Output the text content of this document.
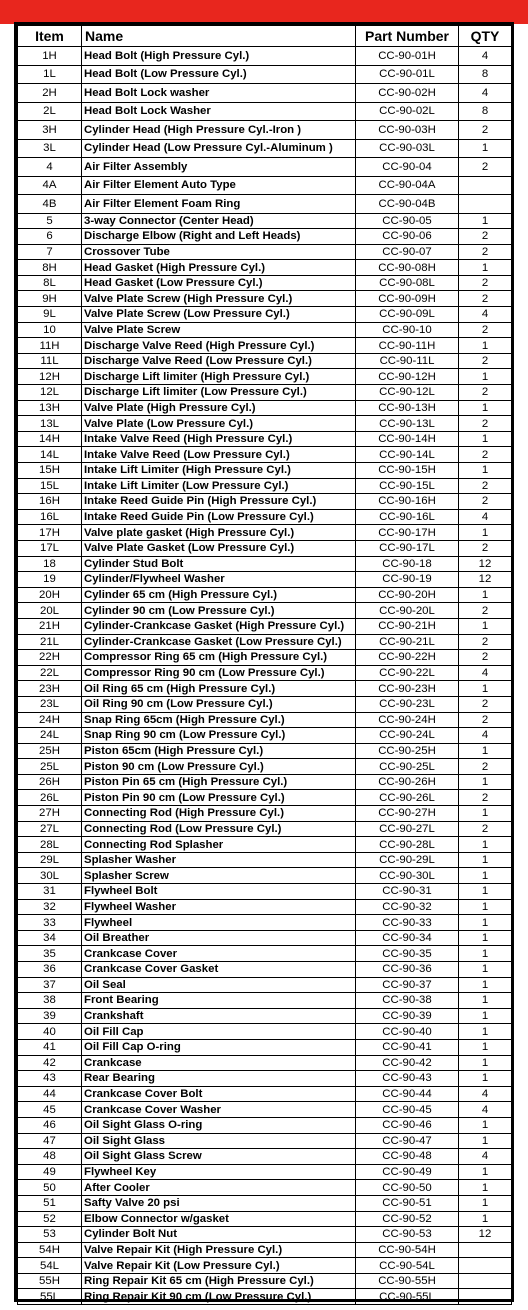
Item	Name	Part Number	QTY
1H	Head Bolt (High Pressure Cyl.)	CC-90-01H	4
1L	Head Bolt (Low Pressure Cyl.)	CC-90-01L	8
2H	Head Bolt Lock washer	CC-90-02H	4
2L	Head Bolt Lock Washer	CC-90-02L	8
3H	Cylinder Head (High Pressure Cyl.-Iron )	CC-90-03H	2
3L	Cylinder Head (Low Pressure Cyl.-Aluminum )	CC-90-03L	1
4	Air Filter Assembly	CC-90-04	2
4A	Air Filter Element Auto Type	CC-90-04A	
4B	Air Filter Element Foam Ring	CC-90-04B	
5	3-way Connector (Center Head)	CC-90-05	1
6	Discharge Elbow (Right and Left Heads)	CC-90-06	2
7	Crossover Tube	CC-90-07	2
8H	Head Gasket (High Pressure Cyl.)	CC-90-08H	1
8L	Head Gasket (Low Pressure Cyl.)	CC-90-08L	2
9H	Valve Plate Screw (High Pressure Cyl.)	CC-90-09H	2
9L	Valve Plate Screw (Low Pressure Cyl.)	CC-90-09L	4
10	Valve Plate Screw	CC-90-10	2
11H	Discharge Valve Reed (High Pressure Cyl.)	CC-90-11H	1
11L	Discharge Valve Reed (Low Pressure Cyl.)	CC-90-11L	2
12H	Discharge Lift limiter (High Pressure Cyl.)	CC-90-12H	1
12L	Discharge Lift limiter (Low Pressure Cyl.)	CC-90-12L	2
13H	Valve Plate (High Pressure Cyl.)	CC-90-13H	1
13L	Valve Plate (Low Pressure Cyl.)	CC-90-13L	2
14H	Intake Valve Reed (High Pressure Cyl.)	CC-90-14H	1
14L	Intake Valve Reed (Low Pressure Cyl.)	CC-90-14L	2
15H	Intake Lift Limiter (High Pressure Cyl.)	CC-90-15H	1
15L	Intake Lift Limiter (Low Pressure Cyl.)	CC-90-15L	2
16H	Intake Reed Guide Pin (High Pressure Cyl.)	CC-90-16H	2
16L	Intake Reed Guide Pin (Low Pressure Cyl.)	CC-90-16L	4
17H	Valve plate gasket (High Pressure Cyl.)	CC-90-17H	1
17L	Valve Plate Gasket (Low Pressure Cyl.)	CC-90-17L	2
18	Cylinder Stud Bolt	CC-90-18	12
19	Cylinder/Flywheel Washer	CC-90-19	12
20H	Cylinder 65 cm (High Pressure Cyl.)	CC-90-20H	1
20L	Cylinder 90 cm (Low Pressure Cyl.)	CC-90-20L	2
21H	Cylinder-Crankcase Gasket (High Pressure Cyl.)	CC-90-21H	1
21L	Cylinder-Crankcase Gasket (Low Pressure Cyl.)	CC-90-21L	2
22H	Compressor Ring 65 cm (High Pressure Cyl.)	CC-90-22H	2
22L	Compressor Ring 90 cm (Low Pressure Cyl.)	CC-90-22L	4
23H	Oil Ring 65 cm (High Pressure Cyl.)	CC-90-23H	1
23L	Oil Ring 90 cm (Low Pressure Cyl.)	CC-90-23L	2
24H	Snap Ring 65cm (High Pressure Cyl.)	CC-90-24H	2
24L	Snap Ring 90 cm (Low Pressure Cyl.)	CC-90-24L	4
25H	Piston 65cm (High Pressure Cyl.)	CC-90-25H	1
25L	Piston 90 cm (Low Pressure Cyl.)	CC-90-25L	2
26H	Piston Pin 65 cm (High Pressure Cyl.)	CC-90-26H	1
26L	Piston Pin 90 cm (Low Pressure Cyl.)	CC-90-26L	2
27H	Connecting Rod (High Pressure Cyl.)	CC-90-27H	1
27L	Connecting Rod (Low Pressure Cyl.)	CC-90-27L	2
28L	Connecting Rod Splasher	CC-90-28L	1
29L	Splasher Washer	CC-90-29L	1
30L	Splasher Screw	CC-90-30L	1
31	Flywheel Bolt	CC-90-31	1
32	Flywheel Washer	CC-90-32	1
33	Flywheel	CC-90-33	1
34	Oil Breather	CC-90-34	1
35	Crankcase Cover	CC-90-35	1
36	Crankcase Cover Gasket	CC-90-36	1
37	Oil Seal	CC-90-37	1
38	Front Bearing	CC-90-38	1
39	Crankshaft	CC-90-39	1
40	Oil Fill Cap	CC-90-40	1
41	Oil Fill Cap O-ring	CC-90-41	1
42	Crankcase	CC-90-42	1
43	Rear Bearing	CC-90-43	1
44	Crankcase Cover Bolt	CC-90-44	4
45	Crankcase Cover Washer	CC-90-45	4
46	Oil Sight Glass O-ring	CC-90-46	1
47	Oil Sight Glass	CC-90-47	1
48	Oil Sight Glass Screw	CC-90-48	4
49	Flywheel Key	CC-90-49	1
50	After Cooler	CC-90-50	1
51	Safty Valve 20 psi	CC-90-51	1
52	Elbow Connector w/gasket	CC-90-52	1
53	Cylinder Bolt Nut	CC-90-53	12
54H	Valve Repair Kit (High Pressure Cyl.)	CC-90-54H	
54L	Valve Repair Kit (Low Pressure Cyl.)	CC-90-54L	
55H	Ring Repair Kit 65 cm (High Pressure Cyl.)	CC-90-55H	
55L	Ring Repair Kit 90 cm (Low Pressure Cyl.)	CC-90-55L	
